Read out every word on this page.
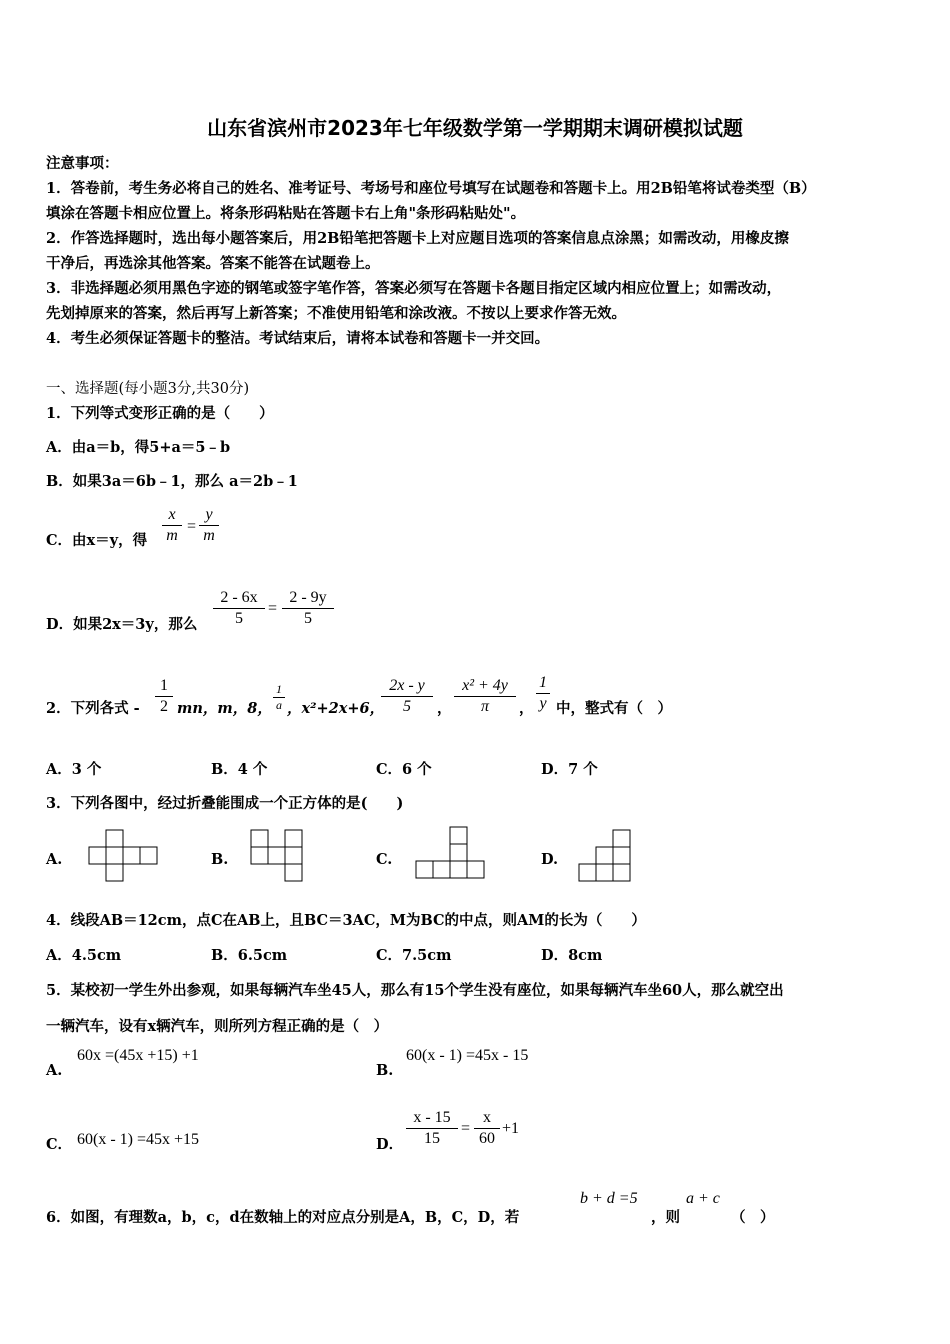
山东省滨州市2023年七年级数学第一学期期末调研模拟试题
注意事项：
1．答卷前，考生务必将自己的姓名、准考证号、考场号和座位号填写在试题卷和答题卡上。用2B铅笔将试卷类型（B）
填涂在答题卡相应位置上。将条形码粘贴在答题卡右上角"条形码粘贴处"。
2．作答选择题时，选出每小题答案后，用2B铅笔把答题卡上对应题目选项的答案信息点涂黑；如需改动，用橡皮擦
干净后，再选涂其他答案。答案不能答在试题卷上。
3．非选择题必须用黑色字迹的钢笔或签字笔作答，答案必须写在答题卡各题目指定区域内相应位置上；如需改动，
先划掉原来的答案，然后再写上新答案；不准使用铅笔和涂改液。不按以上要求作答无效。
4．考生必须保证答题卡的整洁。考试结束后，请将本试卷和答题卡一并交回。
一、选择题(每小题3分,共30分)
1．下列等式变形正确的是（　　）
A．由a＝b，得5+a＝5﹣b
B．如果3a＝6b﹣1，那么 a＝2b﹣1
C．由x＝y，得
x
m
=
y
m
D．如果2x＝3y，那么
2 - 6x
5
=
2 - 9y
5
2．下列各式 -
1
2 mn，m，8，
1
a ，x²+2x+6，
2x - y
5	，
x² + 4y
π	，
1
y 中，整式有（　）
A．3 个	B．4 个	C．6 个	D．7 个
3．下列各图中，经过折叠能围成一个正方体的是(　　)
A.	B.	C.	D.
4．线段AB＝12cm，点C在AB上，且BC＝3AC，M为BC的中点，则AM的长为（　　）
A．4.5cm	B．6.5cm	C．7.5cm	D．8cm
5．某校初一学生外出参观，如果每辆汽车坐45人，那么有15个学生没有座位，如果每辆汽车坐60人，那么就空出
一辆汽车，设有x辆汽车，则所列方程正确的是（　）
A.
60x =(45x +15) +1
B.
60(x - 1) =45x - 15
C． 60(x - 1) =45x +15	D．
x - 15
15
=
x
60
+1
6．如图，有理数a，b，c，d在数轴上的对应点分别是A，B，C，D，若
b + d =5
，则
a + c
（　）
